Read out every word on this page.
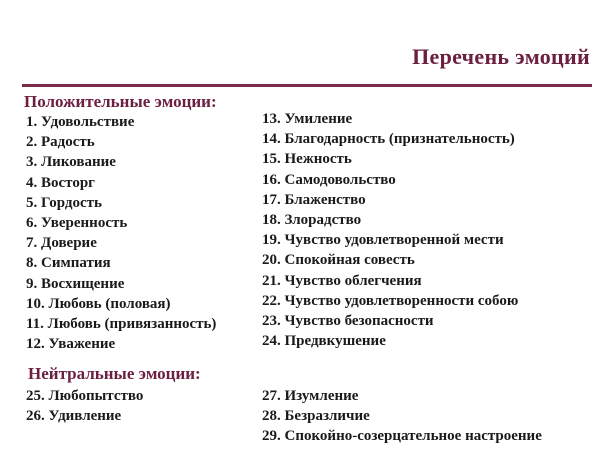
Перечень эмоций
Положительные эмоции:
1. Удовольствие
2. Радость
3. Ликование
4. Восторг
5. Гордость
6. Уверенность
7. Доверие
8. Симпатия
9. Восхищение
10. Любовь (половая)
11. Любовь (привязанность)
12. Уважение
13. Умиление
14. Благодарность (признательность)
15. Нежность
16. Самодовольство
17. Блаженство
18. Злорадство
19. Чувство удовлетворенной мести
20. Спокойная совесть
21. Чувство облегчения
22. Чувство удовлетворенности собою
23. Чувство безопасности
24. Предвкушение
Нейтральные эмоции:
25. Любопытство
26. Удивление
27. Изумление
28. Безразличие
29. Спокойно-созерцательное настроение
